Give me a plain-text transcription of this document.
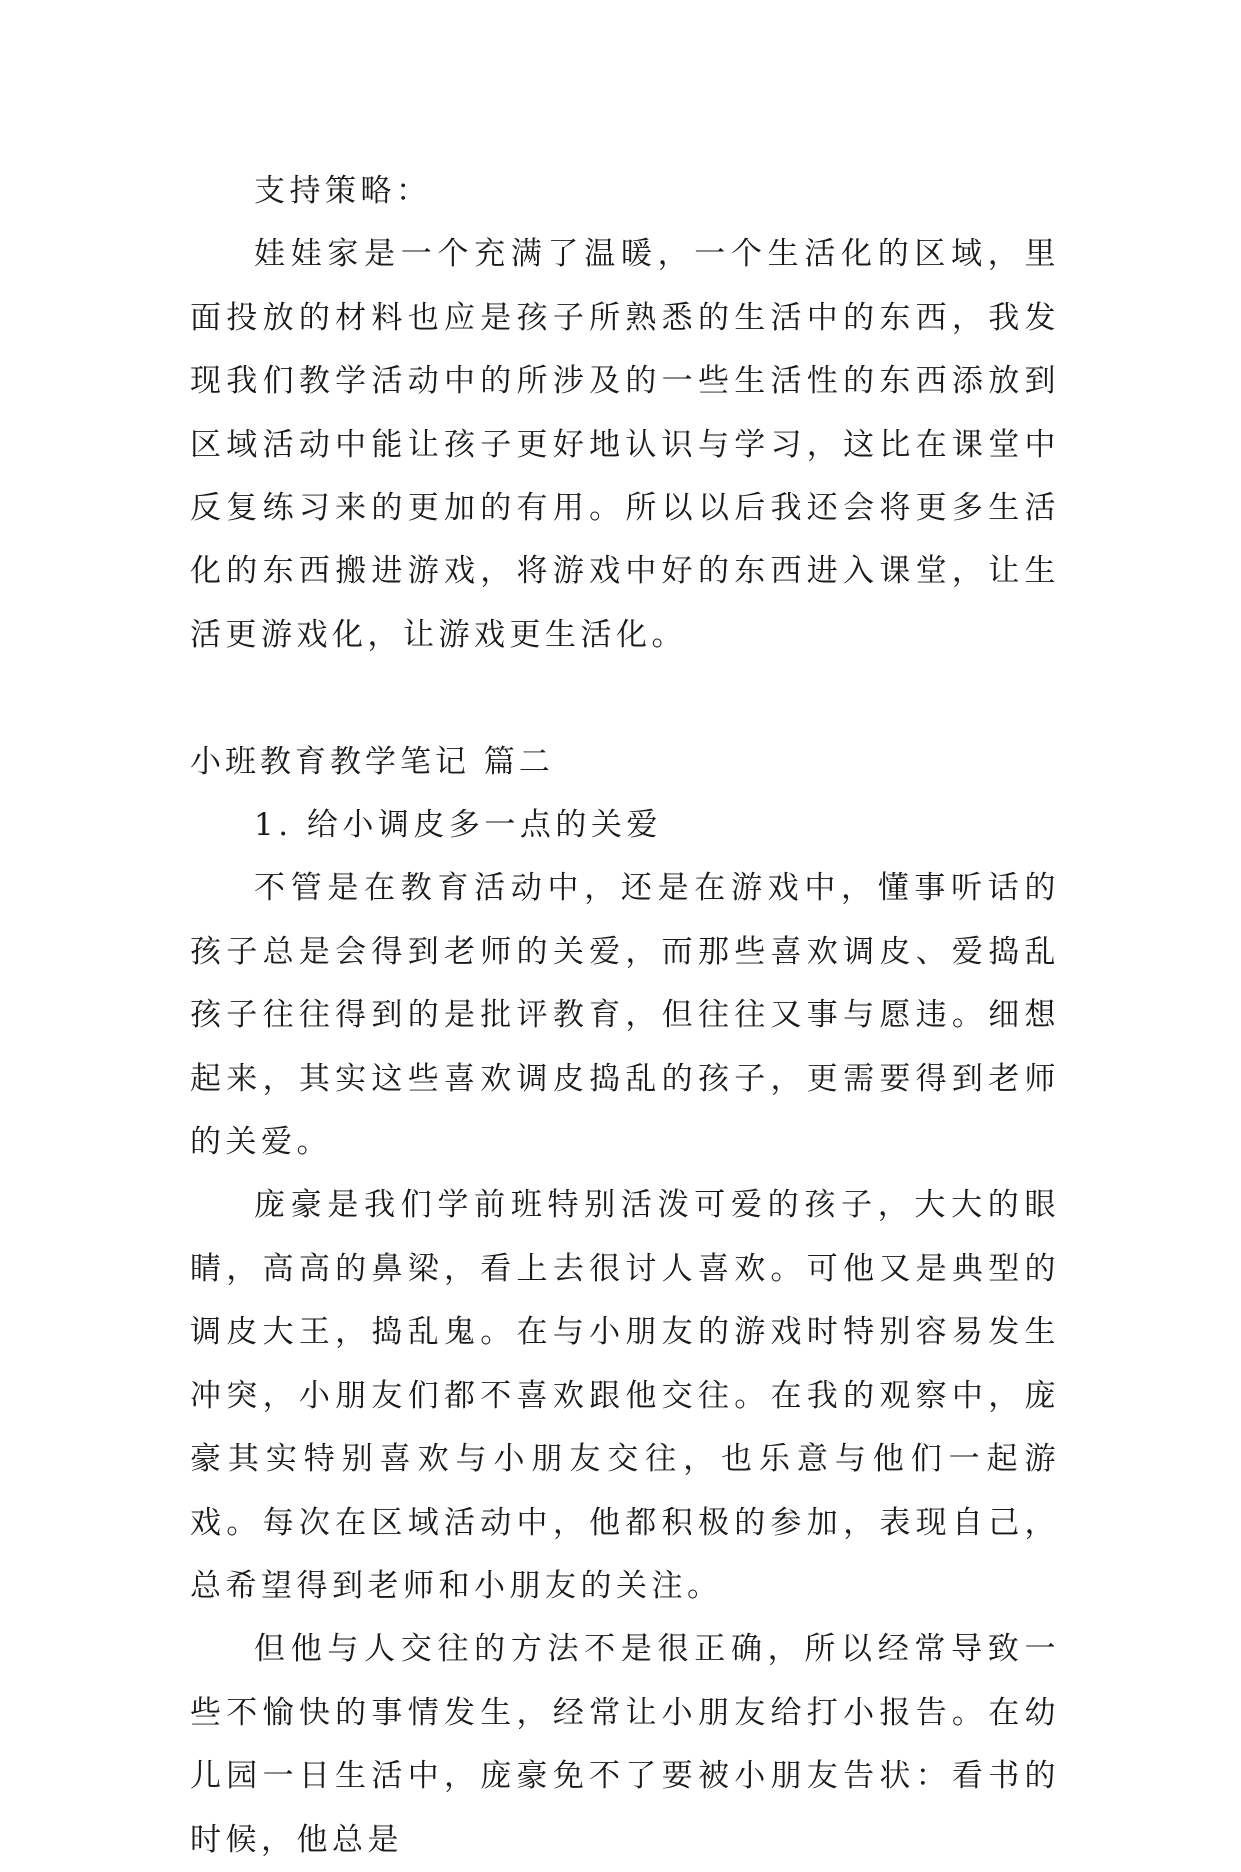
支持策略：

娃娃家是一个充满了温暖，一个生活化的区域，里面投放的材料也应是孩子所熟悉的生活中的东西，我发现我们教学活动中的所涉及的一些生活性的东西添放到区域活动中能让孩子更好地认识与学习，这比在课堂中反复练习来的更加的有用。所以以后我还会将更多生活化的东西搬进游戏，将游戏中好的东西进入课堂，让生活更游戏化，让游戏更生活化。

小班教育教学笔记 篇二

1. 给小调皮多一点的关爱

不管是在教育活动中，还是在游戏中，懂事听话的孩子总是会得到老师的关爱，而那些喜欢调皮、爱捣乱孩子往往得到的是批评教育，但往往又事与愿违。细想起来，其实这些喜欢调皮捣乱的孩子，更需要得到老师的关爱。

庞豪是我们学前班特别活泼可爱的孩子，大大的眼睛，高高的鼻梁，看上去很讨人喜欢。可他又是典型的调皮大王，捣乱鬼。在与小朋友的游戏时特别容易发生冲突，小朋友们都不喜欢跟他交往。在我的观察中，庞豪其实特别喜欢与小朋友交往，也乐意与他们一起游戏。每次在区域活动中，他都积极的参加，表现自己，总希望得到老师和小朋友的关注。

但他与人交往的方法不是很正确，所以经常导致一些不愉快的事情发生，经常让小朋友给打小报告。在幼儿园一日生活中，庞豪免不了要被小朋友告状：看书的时候，他总是
